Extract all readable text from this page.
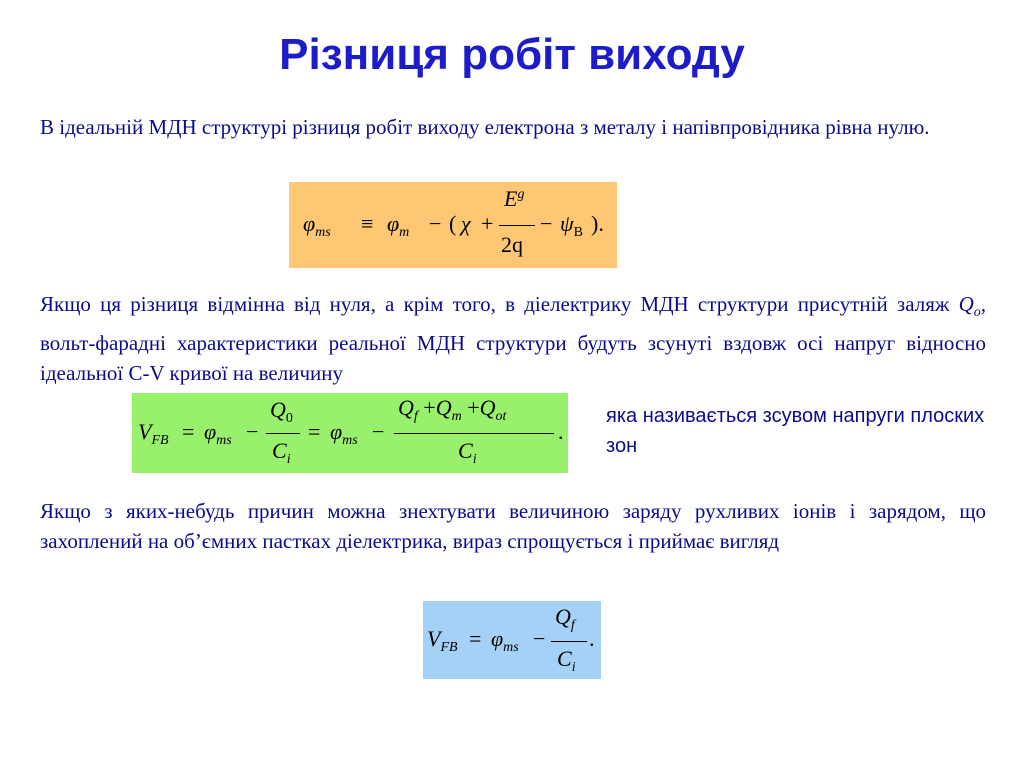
Різниця робіт виходу
В ідеальній МДН структурі різниця робіт виходу електрона з металу і напівпровідника рівна нулю.
$\varphi_{ms} \equiv \varphi_m$ − ( χ +
$E^g$
2q
− $\psi_B$ ).
Якщо ця різниця відмінна від нуля, а крім того, в діелектрику МДН структури присутній заляж $Q_o$, вольт-фарадні характеристики реальної МДН структури будуть зсунуті вздовж осі напруг відносно ідеальної C-V кривої на величину
$V_{FB} = \varphi_{ms}$ −
$Q_0$
$C_i$
= $\varphi_{ms}$ −
$Q_f +Q_m +Q_{ot}$
$C_i$
.
яка називається зсувом напруги плоских зон
Якщо з яких-небудь причин можна знехтувати величиною заряду рухливих іонів і зарядом, що захоплений на об’ємних пастках діелектрика, вираз спрощується і приймає вигляд
$V_{FB} = \varphi_{ms}$ −
$Q_f$
$C_i$
.
